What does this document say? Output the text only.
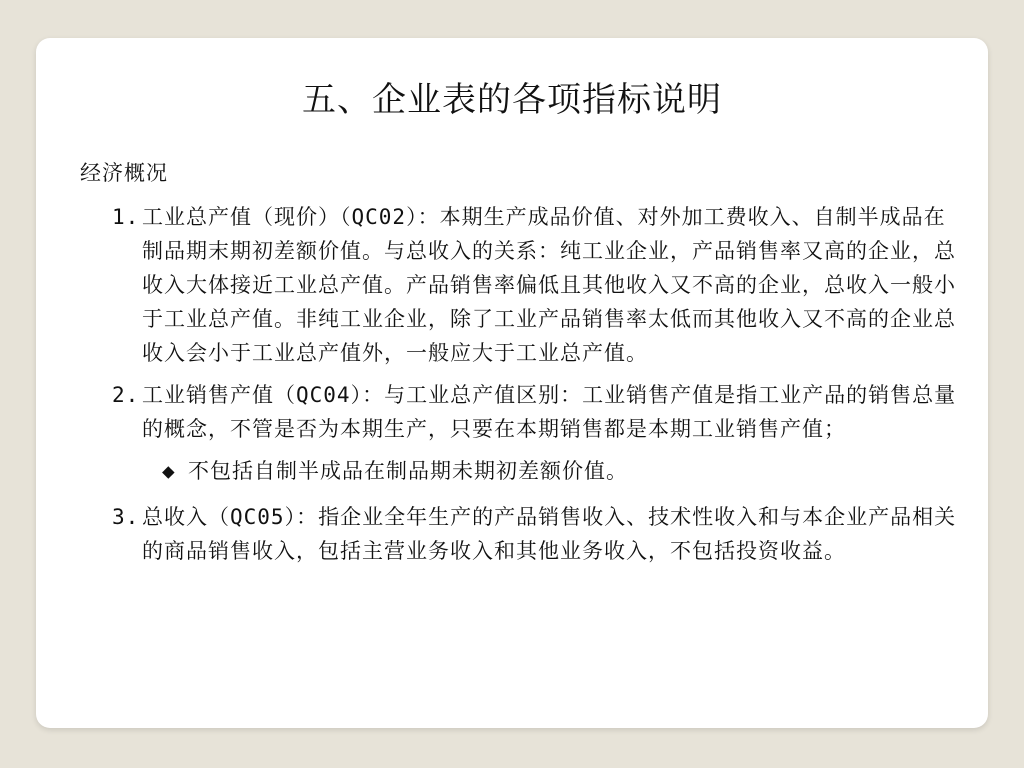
五、企业表的各项指标说明
经济概况
1. 工业总产值（现价）（QC02）：本期生产成品价值、对外加工费收入、自制半成品在制品期末期初差额价值。与总收入的关系：纯工业企业，产品销售率又高的企业，总收入大体接近工业总产值。产品销售率偏低且其他收入又不高的企业，总收入一般小于工业总产值。非纯工业企业，除了工业产品销售率太低而其他收入又不高的企业总收入会小于工业总产值外，一般应大于工业总产值。
2. 工业销售产值（QC04）：与工业总产值区别：工业销售产值是指工业产品的销售总量的概念，不管是否为本期生产，只要在本期销售都是本期工业销售产值；
◆ 不包括自制半成品在制品期未期初差额价值。
3. 总收入（QC05）：指企业全年生产的产品销售收入、技术性收入和与本企业产品相关的商品销售收入，包括主营业务收入和其他业务收入，不包括投资收益。
